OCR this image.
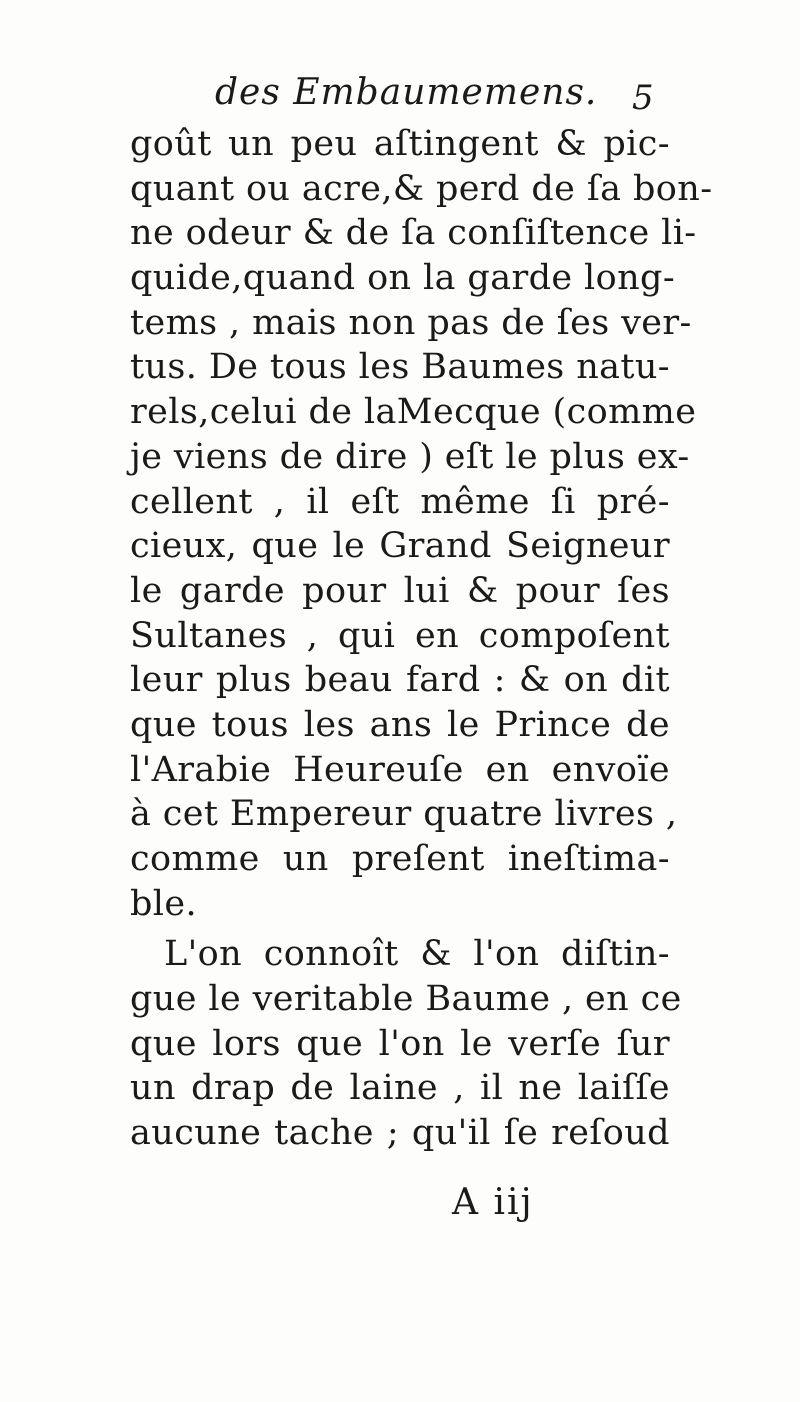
des Embaumemens. 5
goût un peu aſtingent & pic-
quant ou acre,& perd de ſa bon-
ne odeur & de ſa conſiſtence li-
quide,quand on la garde long-
tems , mais non pas de ſes ver-
tus. De tous les Baumes natu-
rels,celui de laMecque (comme
je viens de dire ) eſt le plus ex-
cellent , il eſt même ſi pré-
cieux, que le Grand Seigneur
le garde pour lui & pour ſes
Sultanes , qui en compoſent
leur plus beau fard : & on dit
que tous les ans le Prince de
l'Arabie Heureuſe en envoïe
à cet Empereur quatre livres ,
comme un preſent ineſtima-
ble.
L'on connoît & l'on diſtin-
gue le veritable Baume , en ce
que lors que l'on le verſe ſur
un drap de laine , il ne laiſſe
aucune tache ; qu'il ſe reſoud
A iij
